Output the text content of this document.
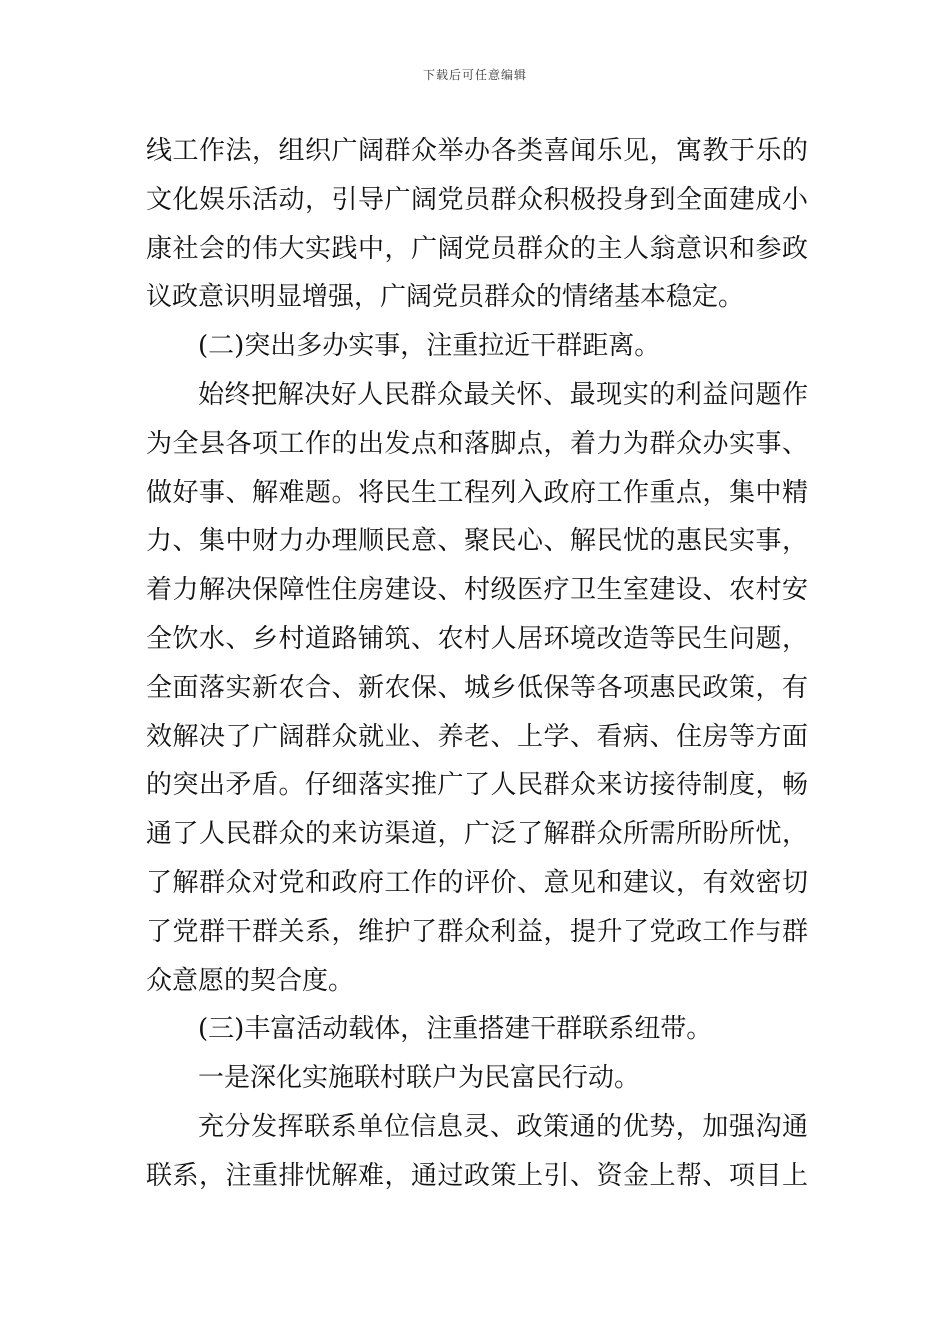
下载后可任意编辑
线工作法，组织广阔群众举办各类喜闻乐见，寓教于乐的
文化娱乐活动，引导广阔党员群众积极投身到全面建成小
康社会的伟大实践中，广阔党员群众的主人翁意识和参政
议政意识明显增强，广阔党员群众的情绪基本稳定。
(二)突出多办实事，注重拉近干群距离。
始终把解决好人民群众最关怀、最现实的利益问题作
为全县各项工作的出发点和落脚点，着力为群众办实事、
做好事、解难题。将民生工程列入政府工作重点，集中精
力、集中财力办理顺民意、聚民心、解民忧的惠民实事，
着力解决保障性住房建设、村级医疗卫生室建设、农村安
全饮水、乡村道路铺筑、农村人居环境改造等民生问题，
全面落实新农合、新农保、城乡低保等各项惠民政策，有
效解决了广阔群众就业、养老、上学、看病、住房等方面
的突出矛盾。仔细落实推广了人民群众来访接待制度，畅
通了人民群众的来访渠道，广泛了解群众所需所盼所忧，
了解群众对党和政府工作的评价、意见和建议，有效密切
了党群干群关系，维护了群众利益，提升了党政工作与群
众意愿的契合度。
(三)丰富活动载体，注重搭建干群联系纽带。
一是深化实施联村联户为民富民行动。
充分发挥联系单位信息灵、政策通的优势，加强沟通
联系，注重排忧解难，通过政策上引、资金上帮、项目上
